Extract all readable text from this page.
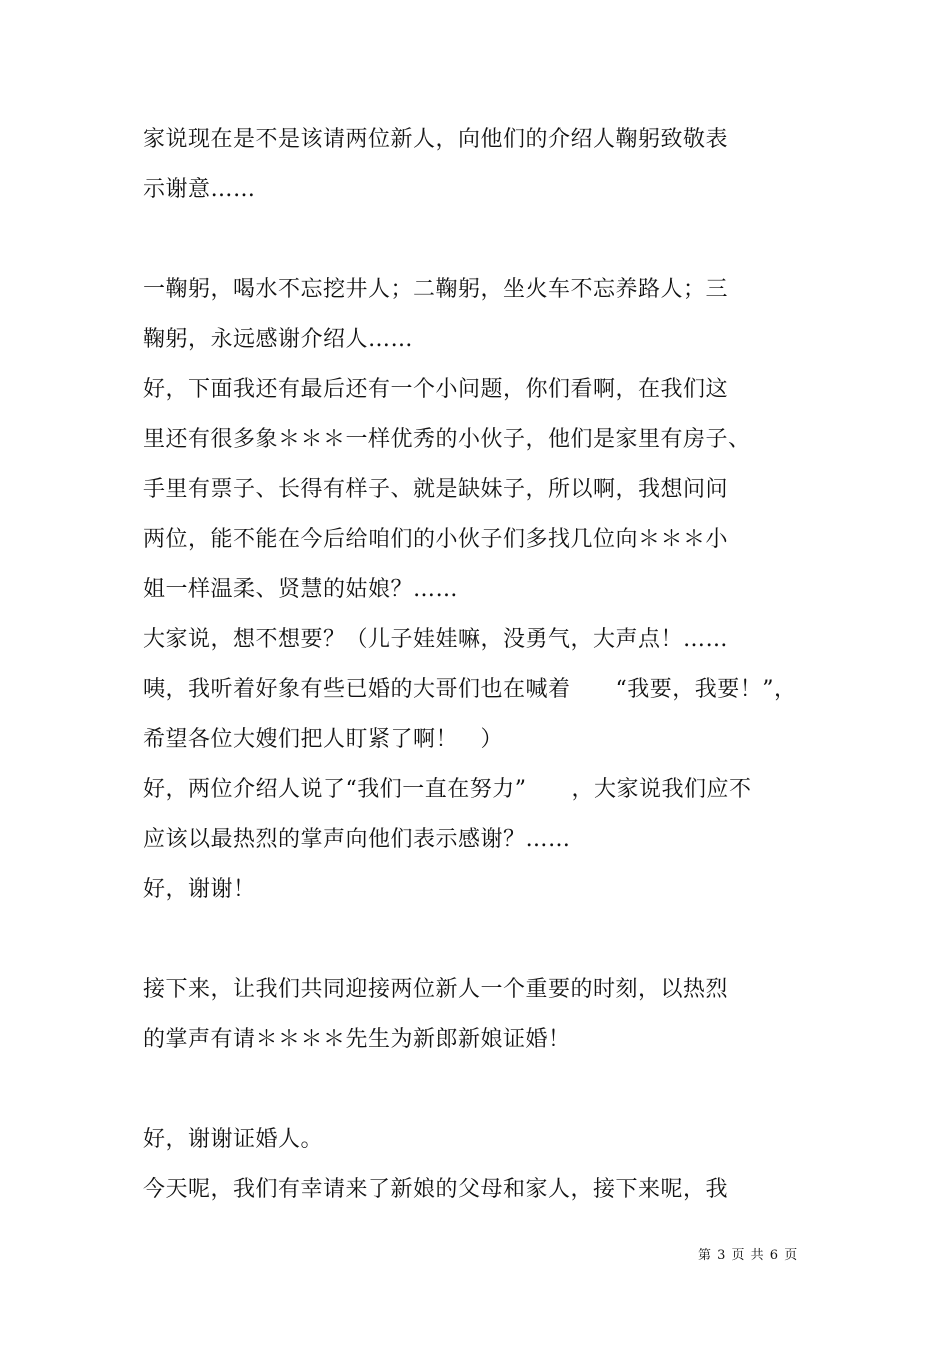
家说现在是不是该请两位新人，向他们的介绍人鞠躬致敬表
示谢意……
一鞠躬，喝水不忘挖井人；二鞠躬，坐火车不忘养路人；三
鞠躬，永远感谢介绍人……
好，下面我还有最后还有一个小问题，你们看啊，在我们这
里还有很多象＊＊＊一样优秀的小伙子，他们是家里有房子、
手里有票子、长得有样子、就是缺妹子，所以啊，我想问问
两位，能不能在今后给咱们的小伙子们多找几位向＊＊＊小
姐一样温柔、贤慧的姑娘？……
大家说，想不想要？（儿子娃娃嘛，没勇气，大声点！……
咦，我听着好象有些已婚的大哥们也在喊着　　“我要，我要！”，
希望各位大嫂们把人盯紧了啊！　）
好，两位介绍人说了“我们一直在努力”　　，大家说我们应不
应该以最热烈的掌声向他们表示感谢？……
好，谢谢！
接下来，让我们共同迎接两位新人一个重要的时刻，以热烈
的掌声有请＊＊＊＊先生为新郎新娘证婚！
好，谢谢证婚人。
今天呢，我们有幸请来了新娘的父母和家人，接下来呢，我
第 3 页 共 6 页
